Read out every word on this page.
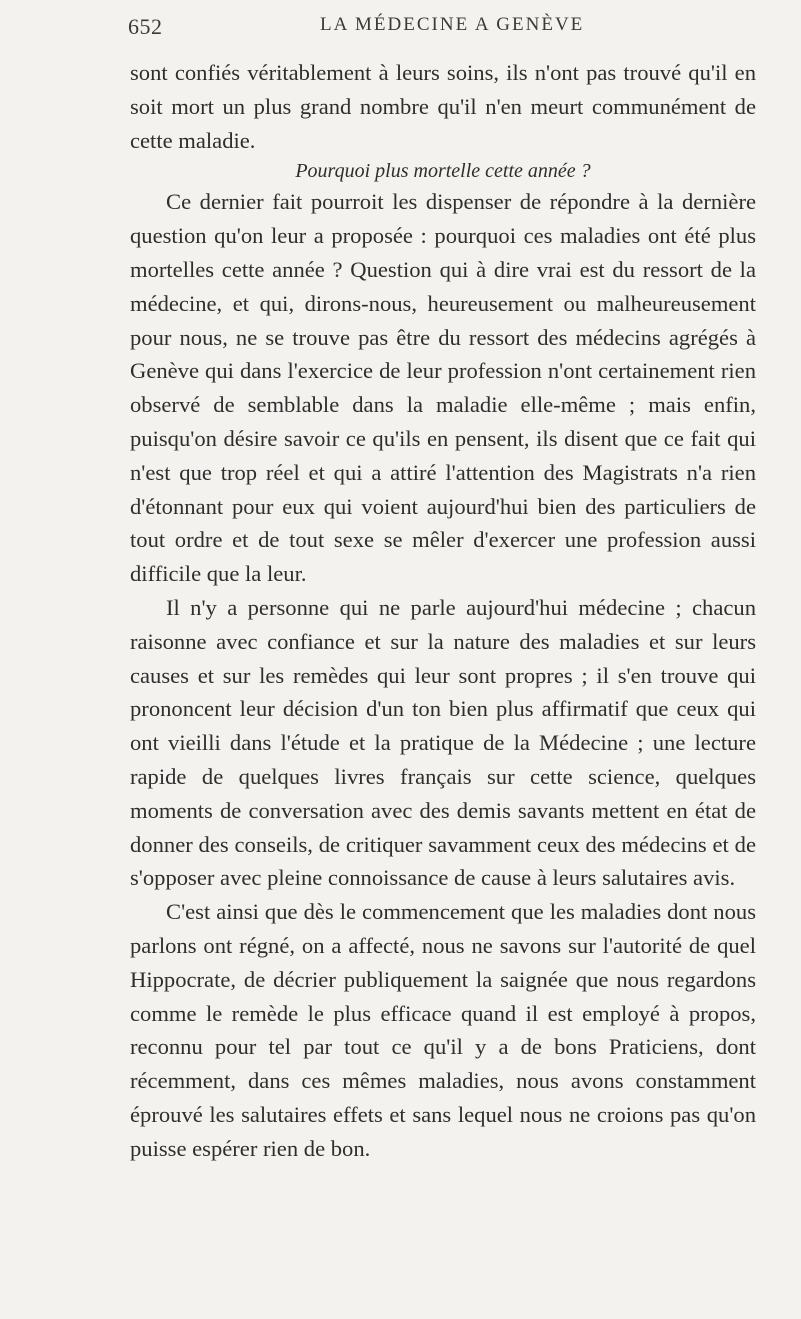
652	LA MÉDECINE A GENÈVE

sont confiés véritablement à leurs soins, ils n'ont pas trouvé qu'il en soit mort un plus grand nombre qu'il n'en meurt communément de cette maladie.

Pourquoi plus mortelle cette année ?

Ce dernier fait pourroit les dispenser de répondre à la dernière question qu'on leur a proposée : pourquoi ces maladies ont été plus mortelles cette année ? Question qui à dire vrai est du ressort de la médecine, et qui, dirons-nous, heureusement ou malheureusement pour nous, ne se trouve pas être du ressort des médecins agrégés à Genève qui dans l'exercice de leur profession n'ont certainement rien observé de semblable dans la maladie elle-même ; mais enfin, puisqu'on désire savoir ce qu'ils en pensent, ils disent que ce fait qui n'est que trop réel et qui a attiré l'attention des Magistrats n'a rien d'étonnant pour eux qui voient aujourd'hui bien des particuliers de tout ordre et de tout sexe se mêler d'exercer une profession aussi difficile que la leur.

Il n'y a personne qui ne parle aujourd'hui médecine ; chacun raisonne avec confiance et sur la nature des maladies et sur leurs causes et sur les remèdes qui leur sont propres ; il s'en trouve qui prononcent leur décision d'un ton bien plus affirmatif que ceux qui ont vieilli dans l'étude et la pratique de la Médecine ; une lecture rapide de quelques livres français sur cette science, quelques moments de conversation avec des demis savants mettent en état de donner des conseils, de critiquer savamment ceux des médecins et de s'opposer avec pleine connoissance de cause à leurs salutaires avis.

C'est ainsi que dès le commencement que les maladies dont nous parlons ont régné, on a affecté, nous ne savons sur l'autorité de quel Hippocrate, de décrier publiquement la saignée que nous regardons comme le remède le plus efficace quand il est employé à propos, reconnu pour tel par tout ce qu'il y a de bons Praticiens, dont récemment, dans ces mêmes maladies, nous avons constamment éprouvé les salutaires effets et sans lequel nous ne croions pas qu'on puisse espérer rien de bon.
